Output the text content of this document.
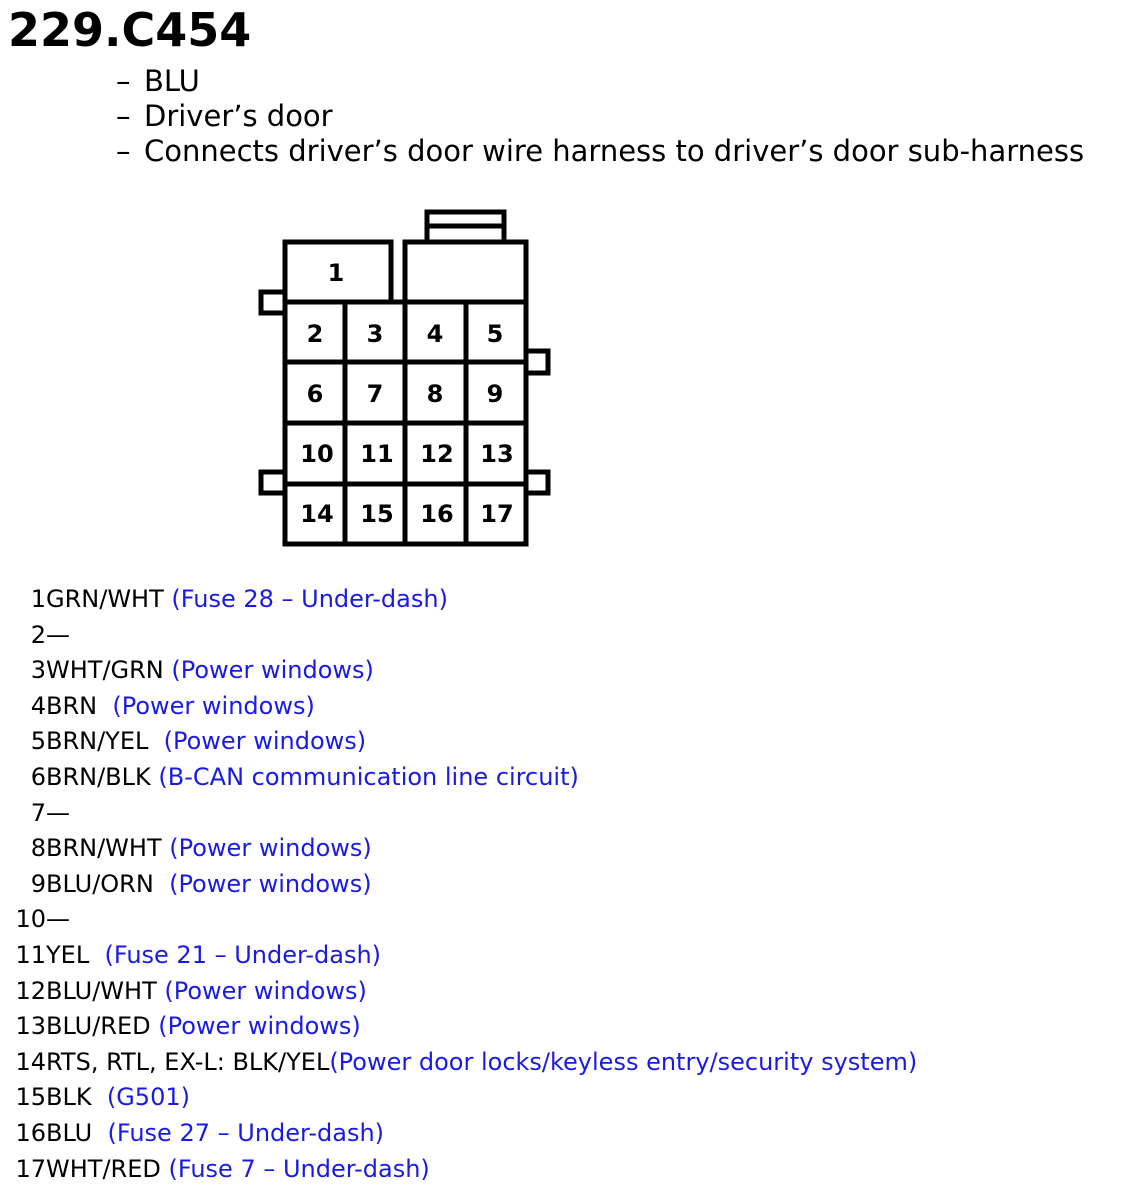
229.C454
– BLU
– Driver’s door
– Connects driver’s door wire harness to driver’s door sub-harness
1
2 3 4 5
6 7 8 9
10 11 12 13
14 15 16 17
1 GRN/WHT (Fuse 28 – Under-dash)
2 —
3 WHT/GRN (Power windows)
4 BRN (Power windows)
5 BRN/YEL (Power windows)
6 BRN/BLK (B-CAN communication line circuit)
7 —
8 BRN/WHT (Power windows)
9 BLU/ORN (Power windows)
10 —
11 YEL (Fuse 21 – Under-dash)
12 BLU/WHT (Power windows)
13 BLU/RED (Power windows)
14 RTS, RTL, EX-L: BLK/YEL(Power door locks/keyless entry/security system)
15 BLK (G501)
16 BLU (Fuse 27 – Under-dash)
17 WHT/RED (Fuse 7 – Under-dash)
